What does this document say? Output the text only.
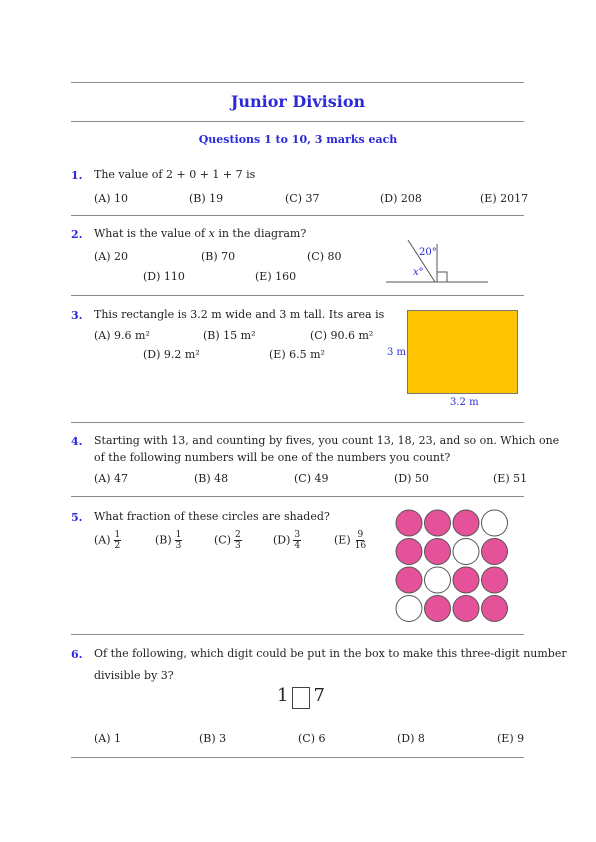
Junior Division
Questions 1 to 10, 3 marks each
1. The value of 2 + 0 + 1 + 7 is
(A) 10	(B) 19	(C) 37	(D) 208	(E) 2017
2. What is the value of x in the diagram?
(A) 20	(B) 70	(C) 80
(D) 110	(E) 160
20°
x°
3. This rectangle is 3.2 m wide and 3 m tall. Its area is
(A) 9.6 m²	(B) 15 m²	(C) 90.6 m²
(D) 9.2 m²	(E) 6.5 m²	3 m
3.2 m
4. Starting with 13, and counting by fives, you count 13, 18, 23, and so on. Which one
of the following numbers will be one of the numbers you count?
(A) 47	(B) 48	(C) 49	(D) 50	(E) 51
5. What fraction of these circles are shaded?
$(A) \frac{1}{2}$	$(B) \frac{1}{3}$	$(C) \frac{2}{3}$	$(D) \frac{3}{4}$	$(E) \frac{9}{16}$
6. Of the following, which digit could be put in the box to make this three-digit number
divisible by 3?
1 7
(A) 1	(B) 3	(C) 6	(D) 8	(E) 9
